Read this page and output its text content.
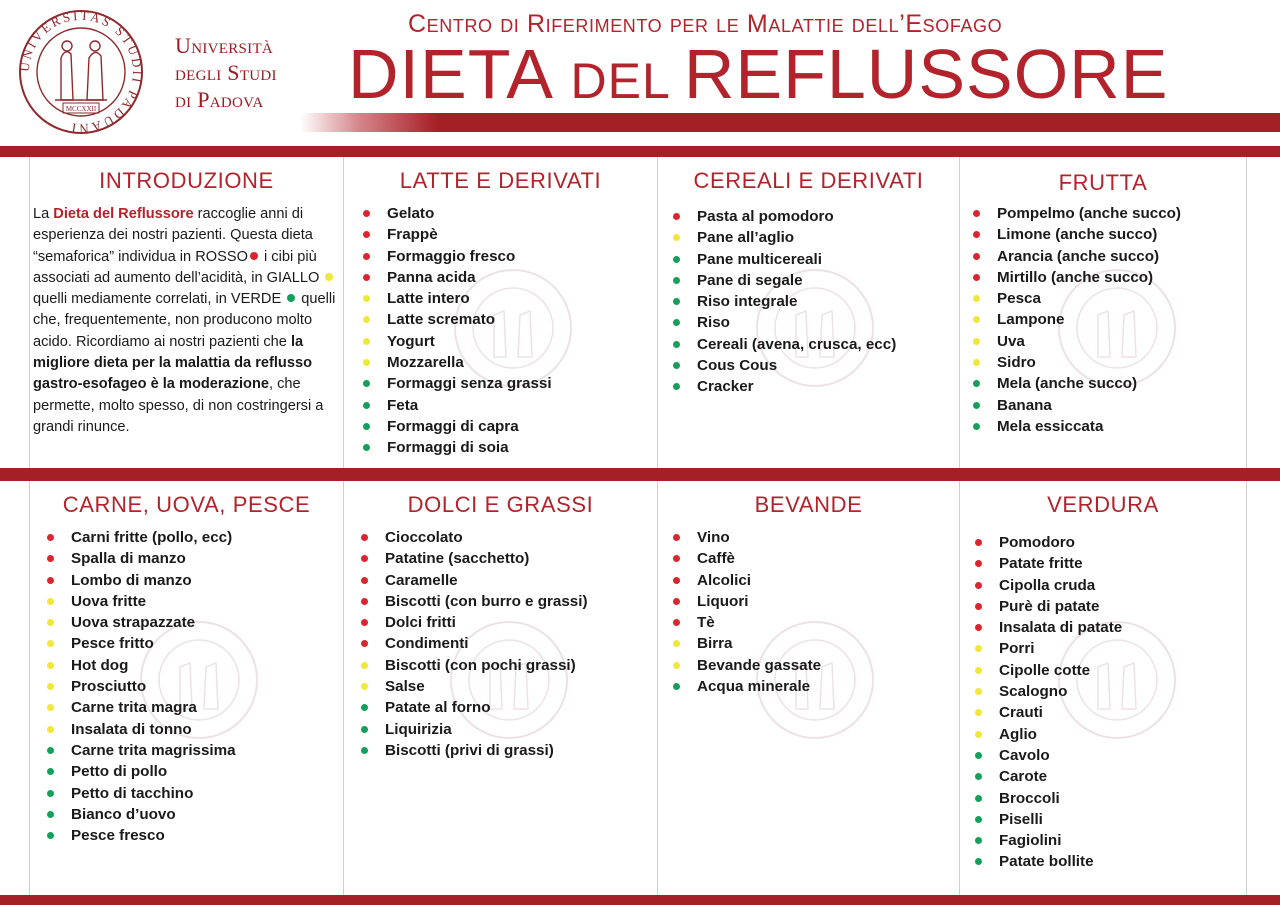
UNIVERSITAS STUDII PADUANI
MCCXXII
Università
degli Studi
di Padova
Centro di Riferimento per le Malattie dell’Esofago
DIETA DEL REFLUSSORE
INTRODUZIONE
La Dieta del Reflussore raccoglie anni di esperienza dei nostri pazienti. Questa dieta “semaforica” individua in ROSSO i cibi più associati ad aumento dell’acidità, in GIALLO quelli mediamente correlati, in VERDE quelli che, frequentemente, non producono molto acido. Ricordiamo ai nostri pazienti che la migliore dieta per la malattia da reflusso gastro-esofageo è la moderazione, che permette, molto spesso, di non costringersi a grandi rinunce.
LATTE E DERIVATI
Gelato
Frappè
Formaggio fresco
Panna acida
Latte intero
Latte scremato
Yogurt
Mozzarella
Formaggi senza grassi
Feta
Formaggi di capra
Formaggi di soia
CEREALI E DERIVATI
Pasta al pomodoro
Pane all’aglio
Pane multicereali
Pane di segale
Riso integrale
Riso
Cereali (avena, crusca, ecc)
Cous Cous
Cracker
FRUTTA
Pompelmo (anche succo)
Limone (anche succo)
Arancia (anche succo)
Mirtillo (anche succo)
Pesca
Lampone
Uva
Sidro
Mela (anche succo)
Banana
Mela essiccata
CARNE, UOVA, PESCE
Carni fritte (pollo, ecc)
Spalla di manzo
Lombo di manzo
Uova fritte
Uova strapazzate
Pesce fritto
Hot dog
Prosciutto
Carne trita magra
Insalata di tonno
Carne trita magrissima
Petto di pollo
Petto di tacchino
Bianco d’uovo
Pesce fresco
DOLCI E GRASSI
Cioccolato
Patatine (sacchetto)
Caramelle
Biscotti (con burro e grassi)
Dolci fritti
Condimenti
Biscotti (con pochi grassi)
Salse
Patate al forno
Liquirizia
Biscotti (privi di grassi)
BEVANDE
Vino
Caffè
Alcolici
Liquori
Tè
Birra
Bevande gassate
Acqua minerale
VERDURA
Pomodoro
Patate fritte
Cipolla cruda
Purè di patate
Insalata di patate
Porri
Cipolle cotte
Scalogno
Crauti
Aglio
Cavolo
Carote
Broccoli
Piselli
Fagiolini
Patate bollite
